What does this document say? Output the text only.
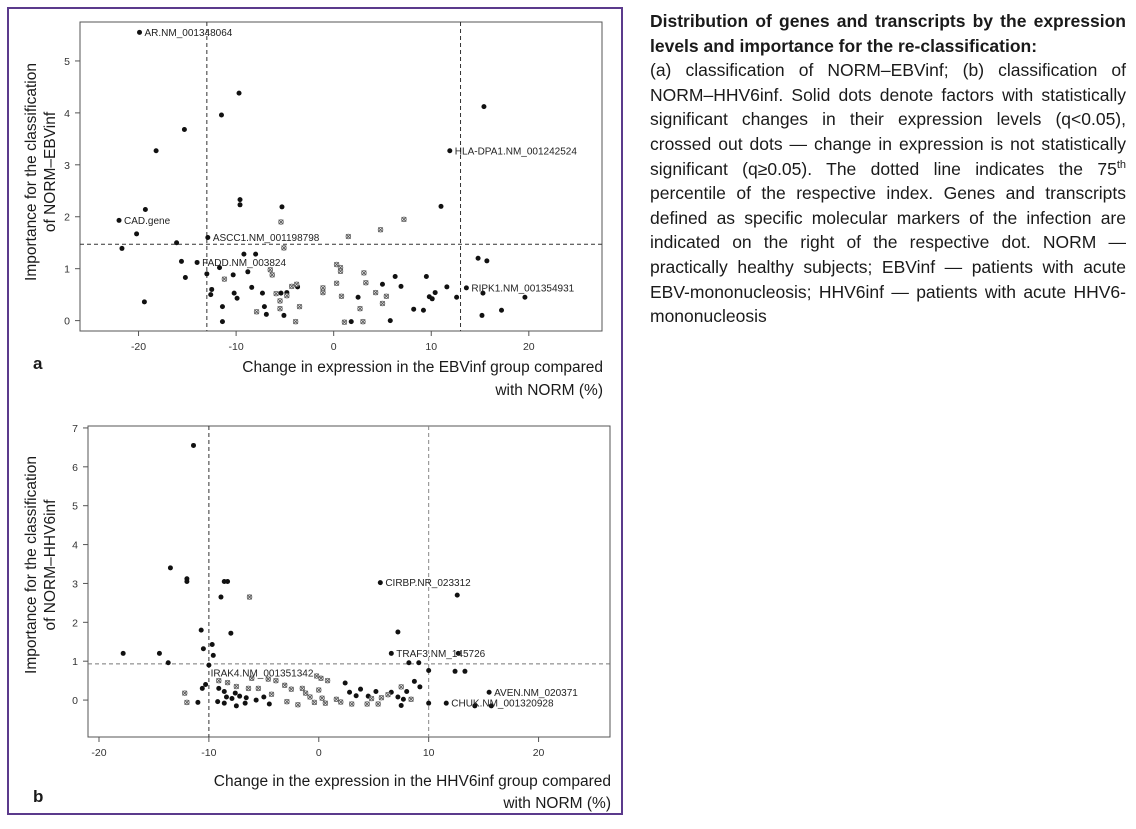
0
1
2
3
4
5
-20	-10	0	10	20
AR.NM_001348064
HLA-DPA1.NM_001242524
CAD.gene
ASCC1.NM_001198798
FADD.NM_003824
RIPK1.NM_001354931
Importance for the classification of NORM–EBVinf
Change in expression in the EBVinf group compared
with NORM (%)
a
0
1
2
3
4
5
6
7
-20	-10	0	10	20
CIRBP.NR_023312
TRAF3.NM_145726
IRAK4.NM_001351342
AVEN.NM_020371
CHUK.NM_001320928
Importance for the classification of NORM–HHV6inf
Change in the expression in the HHV6inf group compared
with NORM (%)
b
Distribution of genes and transcripts by the expression levels and importance for the re-classification:
(a) classification of NORM–EBVinf; (b) classification of NORM–HHV6inf. Solid dots denote factors with statistically significant changes in their expression levels (q<0.05), crossed out dots — change in expression is not statistically significant (q≥0.05). The dotted line indicates the 75th percentile of the respective index. Genes and transcripts defined as specific molecular markers of the infection are indicated on the right of the respective dot. NORM — practically healthy subjects; EBVinf — patients with acute EBV-mononucleosis; HHV6inf — patients with acute HHV6-mononucleosis
